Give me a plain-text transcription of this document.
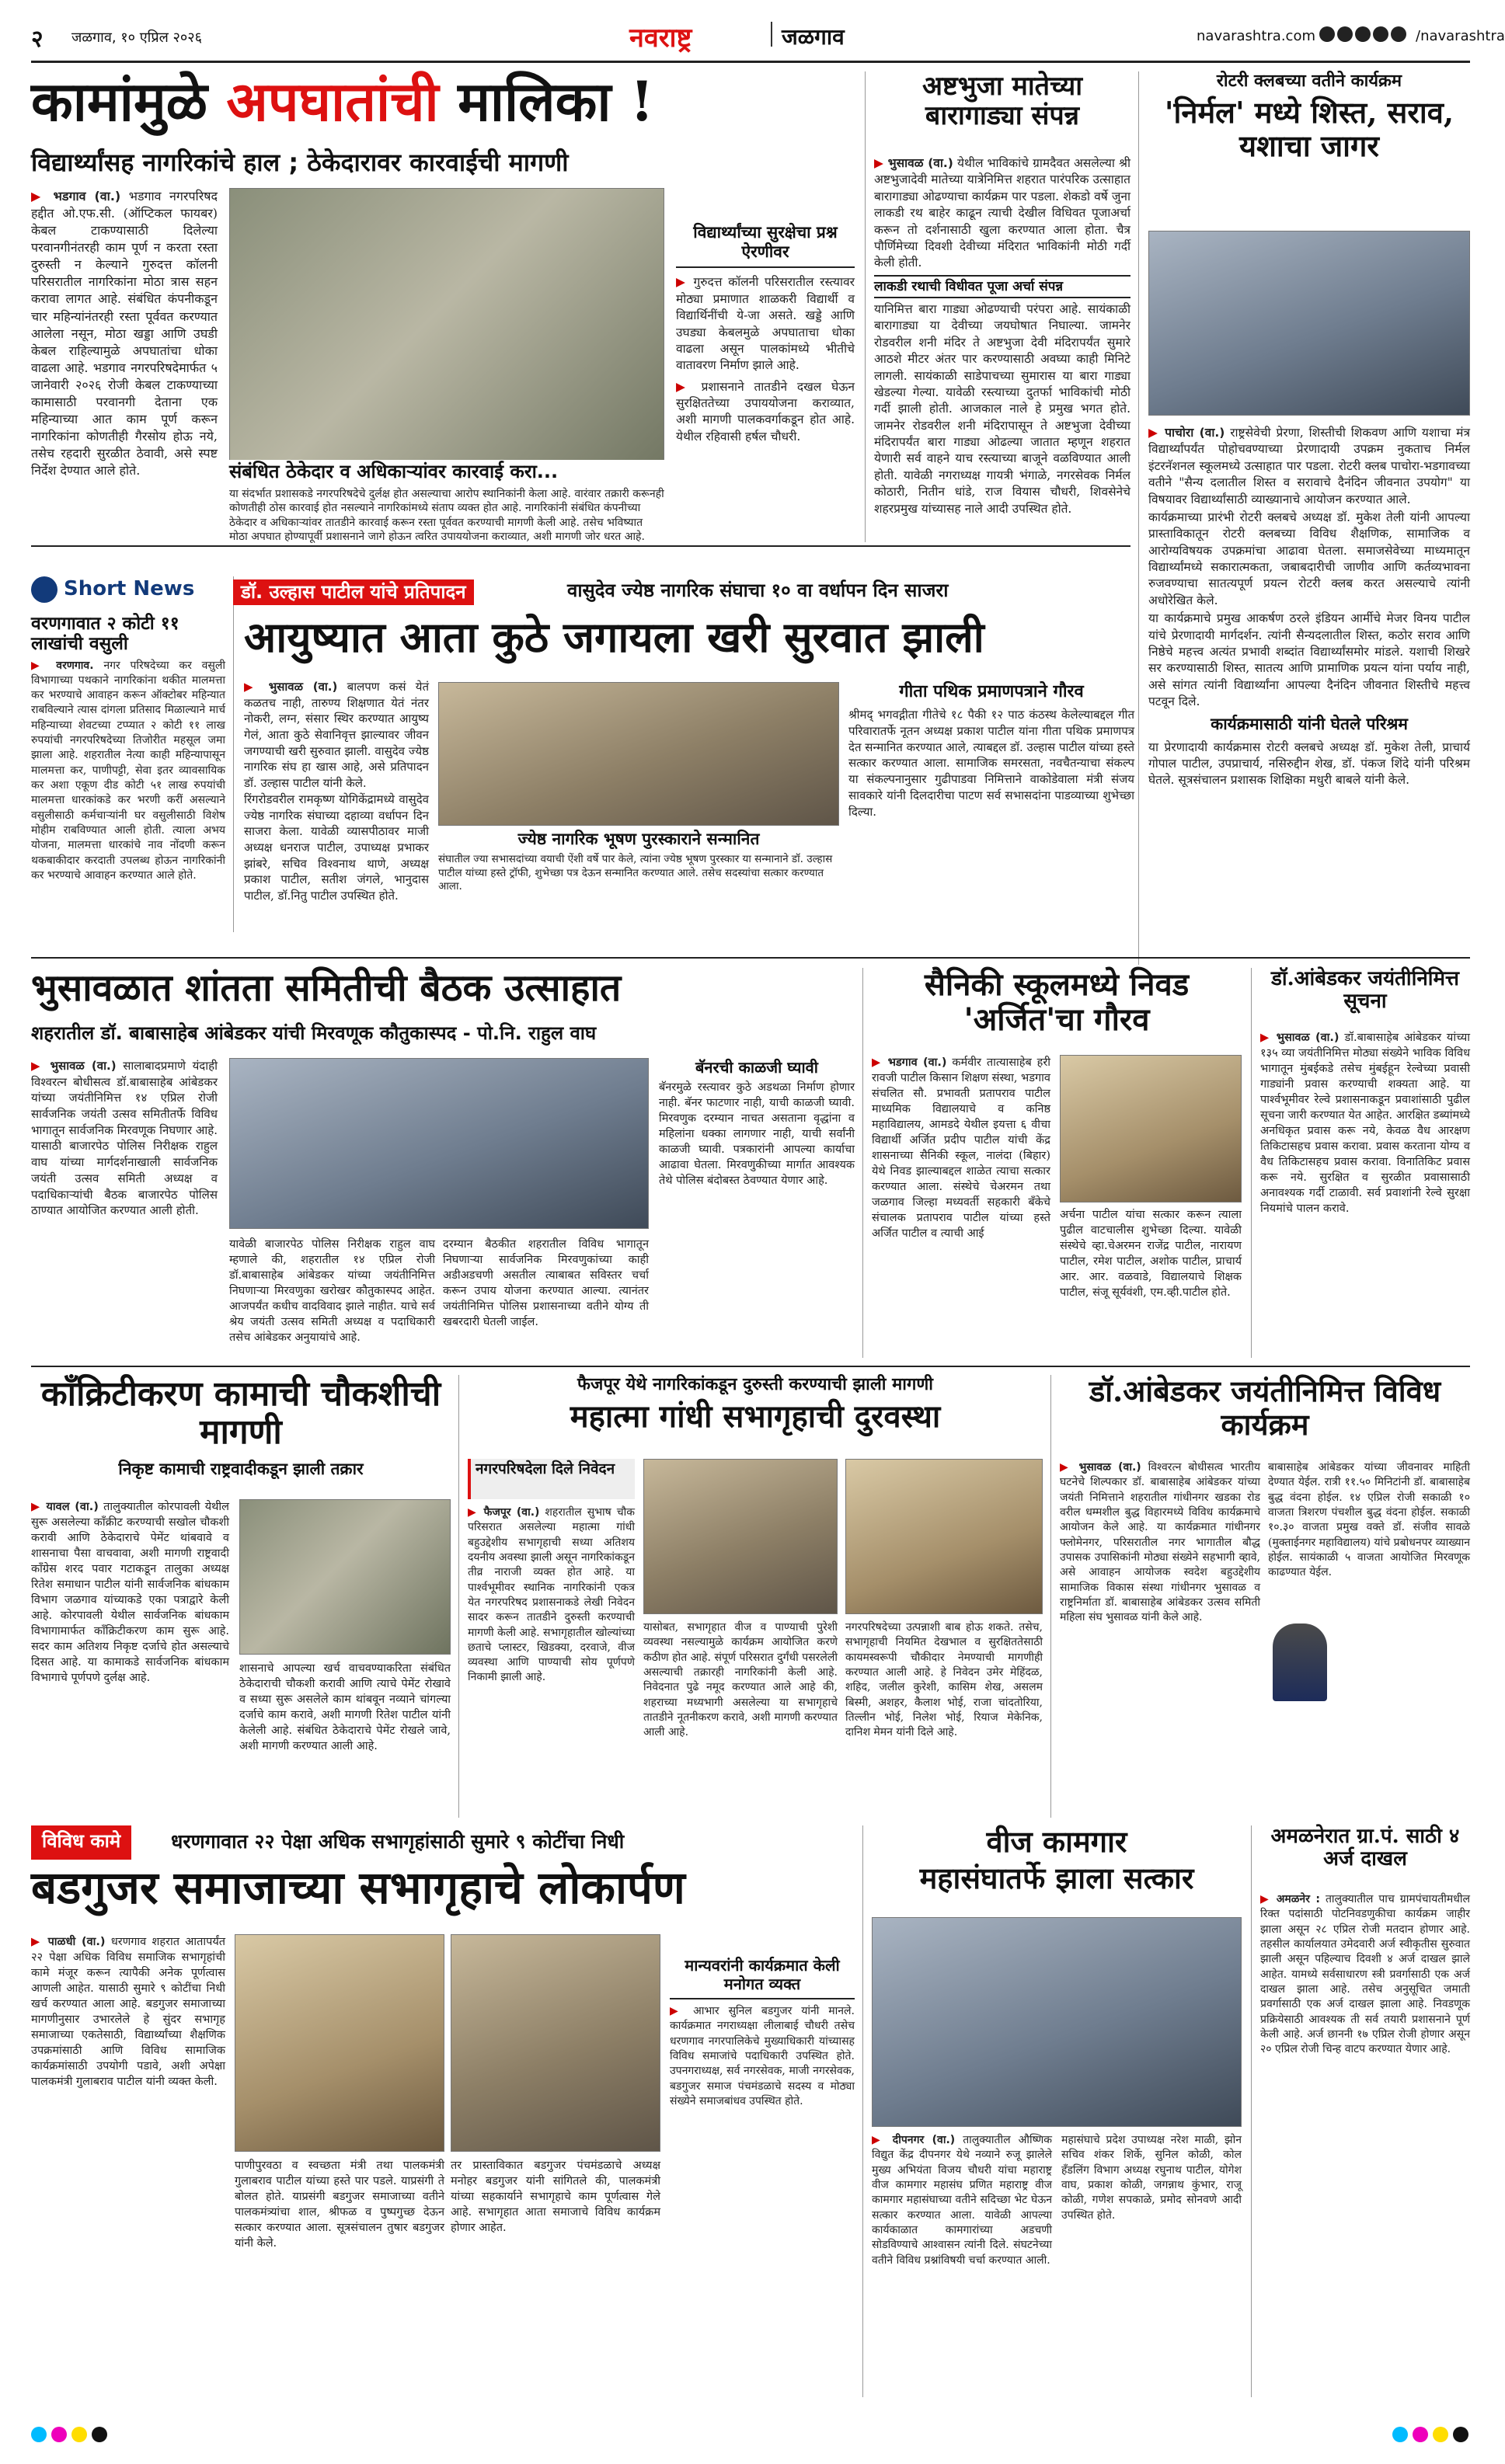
२ जळगाव, १० एप्रिल २०२६	नवराष्ट्र	जळगाव	navarashtra.com	/navarashtra
कामांमुळे अपघातांची मालिका !
विद्यार्थ्यांसह नागरिकांचे हाल ; ठेकेदारावर कारवाईची मागणी
▶ भडगाव (वा.) भडगाव नगरपरिषद हद्दीत ओ.एफ.सी. (ऑप्टिकल फायबर) केबल टाकण्यासाठी दिलेल्या परवानगीनंतरही काम पूर्ण न करता रस्ता दुरुस्ती न केल्याने गुरुदत्त कॉलनी परिसरातील नागरिकांना मोठा त्रास सहन करावा लागत आहे. संबंधित कंपनीकडून चार महिन्यांनंतरही रस्ता पूर्ववत करण्यात आलेला नसून, मोठा खड्डा आणि उघडी केबल राहिल्यामुळे अपघातांचा धोका वाढला आहे. भडगाव नगरपरिषदेमार्फत ५ जानेवारी २०२६ रोजी केबल टाकण्याच्या कामासाठी परवानगी देताना एक महिन्याच्या आत काम पूर्ण करून नागरिकांना कोणतीही गैरसोय होऊ नये, तसेच रहदारी सुरळीत ठेवावी, असे स्पष्ट निर्देश देण्यात आले होते.	संबंधित ठेकेदार व अधिकाऱ्यांवर कारवाई करा...
या संदर्भात प्रशासकडे नगरपरिषदेचे दुर्लक्ष होत असल्याचा आरोप स्थानिकांनी केला आहे. वारंवार तक्रारी करूनही कोणतीही ठोस कारवाई होत नसल्याने नागरिकांमध्ये संताप व्यक्त होत आहे. नागरिकांनी संबंधित कंपनीच्या ठेकेदार व अधिकाऱ्यांवर तातडीने कारवाई करून रस्ता पूर्ववत करण्याची मागणी केली आहे. तसेच भविष्यात मोठा अपघात होण्यापूर्वी प्रशासनाने जागे होऊन त्वरित उपाययोजना कराव्यात, अशी मागणी जोर धरत आहे.
विद्यार्थ्यांच्या सुरक्षेचा प्रश्न ऐरणीवर
▶ गुरुदत्त कॉलनी परिसरातील रस्त्यावर मोठ्या प्रमाणात शाळकरी विद्यार्थी व विद्यार्थिनींची ये-जा असते. खड्डे आणि उघड्या केबलमुळे अपघाताचा धोका वाढला असून पालकांमध्ये भीतीचे वातावरण निर्माण झाले आहे.
▶ प्रशासनाने तातडीने दखल घेऊन सुरक्षिततेच्या उपाययोजना कराव्यात, अशी मागणी पालकवर्गाकडून होत आहे. येथील रहिवासी हर्षल चौधरी.
अष्टभुजा मातेच्या बारागाड्या संपन्न
▶ भुसावळ (वा.) येथील भाविकांचे ग्रामदैवत असलेल्या श्री अष्टभुजादेवी मातेच्या यात्रेनिमित्त शहरात पारंपरिक उत्साहात बारागाड्या ओढण्याचा कार्यक्रम पार पडला. शेकडो वर्षे जुना लाकडी रथ बाहेर काढून त्याची देखील विधिवत पूजाअर्चा करून तो दर्शनासाठी खुला करण्यात आला होता. चैत्र पौर्णिमेच्या दिवशी देवीच्या मंदिरात भाविकांनी मोठी गर्दी केली होती.
लाकडी रथाची विधीवत पूजा अर्चा संपन्न
यानिमित्त बारा गाड्या ओढण्याची परंपरा आहे. सायंकाळी बारागाड्या या देवीच्या जयघोषात निघाल्या. जामनेर रोडवरील शनी मंदिर ते अष्टभुजा देवी मंदिरापर्यंत सुमारे आठशे मीटर अंतर पार करण्यासाठी अवघ्या काही मिनिटे लागली. सायंकाळी साडेपाचच्या सुमारास या बारा गाड्या खेडल्या गेल्या. यावेळी रस्त्याच्या दुतर्फा भाविकांची मोठी गर्दी झाली होती. आजकाल नाले हे प्रमुख भगत होते. जामनेर रोडवरील शनी मंदिरापासून ते अष्टभुजा देवीच्या मंदिरापर्यंत बारा गाड्या ओढल्या जातात म्हणून शहरात येणारी सर्व वाहने याच रस्त्याच्या बाजूने वळविण्यात आली होती. यावेळी नगराध्यक्ष गायत्री भंगाळे, नगरसेवक निर्मल कोठारी, नितीन धांडे, राज वियास चौधरी, शिवसेनेचे शहरप्रमुख यांच्यासह नाले आदी उपस्थित होते.
रोटरी क्लबच्या वतीने कार्यक्रम
'निर्मल' मध्ये शिस्त, सराव, यशाचा जागर
▶ पाचोरा (वा.) राष्ट्रसेवेची प्रेरणा, शिस्तीची शिकवण आणि यशाचा मंत्र विद्यार्थ्यांपर्यंत पोहोचवण्याच्या प्रेरणादायी उपक्रम नुकताच निर्मल इंटरनॅशनल स्कूलमध्ये उत्साहात पार पडला. रोटरी क्लब पाचोरा-भडगावच्या वतीने "सैन्य दलातील शिस्त व सरावाचे दैनंदिन जीवनात उपयोग" या विषयावर विद्यार्थ्यांसाठी व्याख्यानाचे आयोजन करण्यात आले.

कार्यक्रमाच्या प्रारंभी रोटरी क्लबचे अध्यक्ष डॉ. मुकेश तेली यांनी आपल्या प्रास्ताविकातून रोटरी क्लबच्या विविध शैक्षणिक, सामाजिक व आरोग्यविषयक उपक्रमांचा आढावा घेतला. समाजसेवेच्या माध्यमातून विद्यार्थ्यांमध्ये सकारात्मकता, जबाबदारीची जाणीव आणि कर्तव्यभावना रुजवण्याचा सातत्यपूर्ण प्रयत्न रोटरी क्लब करत असल्याचे त्यांनी अधोरेखित केले.

या कार्यक्रमाचे प्रमुख आकर्षण ठरले इंडियन आर्मीचे मेजर विनय पाटील यांचे प्रेरणादायी मार्गदर्शन. त्यांनी सैन्यदलातील शिस्त, कठोर सराव आणि निष्ठेचे महत्त्व अत्यंत प्रभावी शब्दांत विद्यार्थ्यांसमोर मांडले. यशाची शिखरे सर करण्यासाठी शिस्त, सातत्य आणि प्रामाणिक प्रयत्न यांना पर्याय नाही, असे सांगत त्यांनी विद्यार्थ्यांना आपल्या दैनंदिन जीवनात शिस्तीचे महत्त्व पटवून दिले.

कार्यक्रमासाठी यांनी घेतले परिश्रम

या प्रेरणादायी कार्यक्रमास रोटरी क्लबचे अध्यक्ष डॉ. मुकेश तेली, प्राचार्य गोपाल पाटील, उपप्राचार्य, नसिरुद्दीन शेख, डॉ. पंकज शिंदे यांनी परिश्रम घेतले. सूत्रसंचालन प्रशासक शिक्षिका मधुरी बाबले यांनी केले.

Short News
वरणगावात २ कोटी ११ लाखांची वसुली
▶ वरणगाव. नगर परिषदेच्या कर वसुली विभागाच्या पथकाने नागरिकांना थकीत मालमत्ता कर भरण्याचे आवाहन करून ऑक्टोबर महिन्यात राबविल्याने त्यास दांगला प्रतिसाद मिळाल्याने मार्च महिन्याच्या शेवटच्या टप्प्यात २ कोटी ११ लाख रुपयांची नगरपरिषदेच्या तिजोरीत महसूल जमा झाला आहे. शहरातील नेत्या काही महिन्यापासून मालमत्ता कर, पाणीपट्टी, सेवा इतर व्यावसायिक कर अशा एकूण दीड कोटी ५१ लाख रुपयांची मालमत्ता धारकांकडे कर भरणी करीं असल्याने वसुलीसाठी कर्मचाऱ्यांनी घर वसुलीसाठी विशेष मोहीम राबविण्यात आली होती. त्याला अभय योजना, मालमत्ता धारकांचे नाव नोंदणी करून थकबाकीदार करदाती उपलब्ध होऊन नागरिकांनी कर भरण्याचे आवाहन करण्यात आले होते.
डॉ. उल्हास पाटील यांचे प्रतिपादन	वासुदेव ज्येष्ठ नागरिक संघाचा १० वा वर्धापन दिन साजरा
आयुष्यात आता कुठे जगायला खरी सुरवात झाली
▶ भुसावळ (वा.) बालपण कसं येतं कळतच नाही, तारुण्य शिक्षणात येतं नंतर नोकरी, लग्न, संसार स्थिर करण्यात आयुष्य गेलं, आता कुठे सेवानिवृत्त झाल्यावर जीवन जगण्याची खरी सुरुवात झाली. वासुदेव ज्येष्ठ नागरिक संघ हा खास आहे, असे प्रतिपादन डॉ. उल्हास पाटील यांनी केले.

रिंगरोडवरील रामकृष्ण योगिकेंद्रामध्ये वासुदेव ज्येष्ठ नागरिक संघाच्या दहाव्या वर्धापन दिन साजरा केला. यावेळी व्यासपीठावर माजी अध्यक्ष धनराज पाटील, उपाध्यक्ष प्रभाकर झांबरे, सचिव विश्वनाथ थाणे, अध्यक्ष प्रकाश पाटील, सतीश जंगले, भानुदास पाटील, डॉ.नितु पाटील उपस्थित होते.

ज्येष्ठ नागरिक भूषण पुरस्काराने सन्मानित
संघातील ज्या सभासदांच्या वयाची ऐंशी वर्षे पार केले, त्यांना ज्येष्ठ भूषण पुरस्कार या सन्मानाने डॉ. उल्हास पाटील यांच्या हस्ते ट्रॉफी, शुभेच्छा पत्र देऊन सन्मानित करण्यात आले. तसेच सदस्यांचा सत्कार करण्यात आला.
गीता पथिक प्रमाणपत्राने गौरव
श्रीमद् भगवद्गीता गीतेचे १८ पैकी १२ पाठ कंठस्थ केलेल्याबद्दल गीत परिवारातर्फे नूतन अध्यक्ष प्रकाश पाटील यांना गीता पथिक प्रमाणपत्र देत सन्मानित करण्यात आले, त्याबद्दल डॉ. उल्हास पाटील यांच्या हस्ते सत्कार करण्यात आला. सामाजिक समरसता, नवचैतन्याचा संकल्प या संकल्पनानुसार गुढीपाडवा निमित्ताने वाकोडेवाला मंत्री संजय सावकारे यांनी दिलदारीचा पाटण सर्व सभासदांना पाडव्याच्या शुभेच्छा दिल्या.
भुसावळात शांतता समितीची बैठक उत्साहात
शहरातील डॉ. बाबासाहेब आंबेडकर यांची मिरवणूक कौतुकास्पद - पो.नि. राहुल वाघ
▶ भुसावळ (वा.) सालाबादप्रमाणे यंदाही विश्वरत्न बोधीसत्व डॉ.बाबासाहेब आंबेडकर यांच्या जयंतीनिमित्त १४ एप्रिल रोजी सार्वजनिक जयंती उत्सव समितीतर्फे विविध भागातून सार्वजनिक मिरवणूक निघणार आहे. यासाठी बाजारपेठ पोलिस निरीक्षक राहुल वाघ यांच्या मार्गदर्शनाखाली सार्वजनिक जयंती उत्सव समिती अध्यक्ष व पदाधिकाऱ्यांची बैठक बाजारपेठ पोलिस ठाण्यात आयोजित करण्यात आली होती.
यावेळी बाजारपेठ पोलिस निरीक्षक राहुल वाघ म्हणाले की, शहरातील १४ एप्रिल रोजी डॉ.बाबासाहेब आंबेडकर यांच्या जयंतीनिमित्त निघणाऱ्या मिरवणुका खरोखर कौतुकास्पद आहेत. आजपर्यंत कधीच वादविवाद झाले नाहीत. याचे सर्व श्रेय जयंती उत्सव समिती अध्यक्ष व पदाधिकारी तसेच आंबेडकर अनुयायांचे आहे.
दरम्यान बैठकीत शहरातील विविध भागातून निघणाऱ्या सार्वजनिक मिरवणुकांच्या काही अडीअडचणी असतील त्याबाबत सविस्तर चर्चा करून उपाय योजना करण्यात आल्या. त्यानंतर जयंतीनिमित्त पोलिस प्रशासनाच्या वतीने योग्य ती खबरदारी घेतली जाईल.
बॅनरची काळजी घ्यावी
बॅनरमुळे रस्त्यावर कुठे अडथळा निर्माण होणार नाही. बॅनर फाटणार नाही, याची काळजी घ्यावी. मिरवणुक दरम्यान नाचत असताना वृद्धांना व महिलांना धक्का लागणार नाही, याची सर्वांनी काळजी घ्यावी. पत्रकारांनी आपल्या कार्याचा आढावा घेतला. मिरवणुकीच्या मार्गात आवश्यक तेथे पोलिस बंदोबस्त ठेवण्यात येणार आहे.
सैनिकी स्कूलमध्ये निवड 'अर्जित'चा गौरव
▶ भडगाव (वा.) कर्मवीर तात्यासाहेब हरी रावजी पाटील किसान शिक्षण संस्था, भडगाव संचलित सौ. प्रभावती प्रतापराव पाटील माध्यमिक विद्यालयाचे व कनिष्ठ महाविद्यालय, आमडदे येथील इयत्ता ६ वीचा विद्यार्थी अर्जित प्रदीप पाटील यांची केंद्र शासनाच्या सैनिकी स्कूल, नालंदा (बिहार) येथे निवड झाल्याबद्दल शाळेत त्याचा सत्कार करण्यात आला. संस्थेचे चेअरमन तथा जळगाव जिल्हा मध्यवर्ती सहकारी बँकेचे संचालक प्रतापराव पाटील यांच्या हस्ते अर्जित पाटील व त्याची आई
अर्चना पाटील यांचा सत्कार करून त्याला पुढील वाटचालीस शुभेच्छा दिल्या. यावेळी संस्थेचे व्हा.चेअरमन राजेंद्र पाटील, नारायण पाटील, रमेश पाटील, अशोक पाटील, प्राचार्य आर. आर. वळवाडे, विद्यालयाचे शिक्षक पाटील, संजू सूर्यवंशी, एम.व्ही.पाटील होते.
डॉ.आंबेडकर जयंतीनिमित्त सूचना
▶ भुसावळ (वा.) डॉ.बाबासाहेब आंबेडकर यांच्या १३५ व्या जयंतीनिमित्त मोठ्या संख्येने भाविक विविध भागातून मुंबईकडे तसेच मुंबईहून रेल्वेच्या प्रवासी गाड्यांनी प्रवास करण्याची शक्यता आहे. या पार्श्वभूमीवर रेल्वे प्रशासनाकडून प्रवाशांसाठी पुढील सूचना जारी करण्यात येत आहेत. आरक्षित डब्यांमध्ये अनधिकृत प्रवास करू नये, केवळ वैध आरक्षण तिकिटासहच प्रवास करावा. प्रवास करताना योग्य व वैध तिकिटासहच प्रवास करावा. विनातिकिट प्रवास करू नये. सुरक्षित व सुरळीत प्रवासासाठी अनावश्यक गर्दी टाळावी. सर्व प्रवाशांनी रेल्वे सुरक्षा नियमांचे पालन करावे.
कॉंक्रिटीकरण कामाची चौकशीची मागणी
निकृष्ट कामाची राष्ट्रवादीकडून झाली तक्रार
▶ यावल (वा.) तालुक्यातील कोरपावली येथील सुरू असलेल्या कॉंक्रीट करण्याची सखोल चौकशी करावी आणि ठेकेदाराचे पेमेंट थांबवावे व शासनाचा पैसा वाचवावा, अशी मागणी राष्ट्रवादी काँग्रेस शरद पवार गटाकडून तालुका अध्यक्ष रितेश समाधान पाटील यांनी सार्वजनिक बांधकाम विभाग जळगाव यांच्याकडे एका पत्राद्वारे केली आहे. कोरपावली येथील सार्वजनिक बांधकाम विभागामार्फत कॉंक्रिटीकरण काम सुरू आहे. सदर काम अतिशय निकृष्ट दर्जाचे होत असल्याचे दिसत आहे. या कामाकडे सार्वजनिक बांधकाम विभागाचे पूर्णपणे दुर्लक्ष आहे.
शासनाचे आपल्या खर्च वाचवण्याकरिता संबंधित ठेकेदाराची चौकशी करावी आणि त्याचे पेमेंट रोखावे व सध्या सुरू असलेले काम थांबवून नव्याने चांगल्या दर्जाचे काम करावे, अशी मागणी रितेश पाटील यांनी केलेली आहे. संबंधित ठेकेदाराचे पेमेंट रोखले जावे, अशी मागणी करण्यात आली आहे.
फैजपूर येथे नागरिकांकडून दुरुस्ती करण्याची झाली मागणी
महात्मा गांधी सभागृहाची दुरवस्था
नगरपरिषदेला दिले निवेदन
▶ फैजपूर (वा.) शहरातील सुभाष चौक परिसरात असलेल्या महात्मा गांधी बहुउद्देशीय सभागृहाची सध्या अतिशय दयनीय अवस्था झाली असून नागरिकांकडून तीव्र नाराजी व्यक्त होत आहे. या पार्श्वभूमीवर स्थानिक नागरिकांनी एकत्र येत नगरपरिषद प्रशासनाकडे लेखी निवेदन सादर करून तातडीने दुरुस्ती करण्याची मागणी केली आहे. सभागृहातील खोल्यांच्या छताचे प्लास्टर, खिडक्या, दरवाजे, वीज व्यवस्था आणि पाण्याची सोय पूर्णपणे निकामी झाली आहे.
यासोबत, सभागृहात वीज व पाण्याची पुरेशी व्यवस्था नसल्यामुळे कार्यक्रम आयोजित करणे कठीण होत आहे. संपूर्ण परिसरात दुर्गंधी पसरलेली असल्याची तक्रारही नागरिकांनी केली आहे. निवेदनात पुढे नमूद करण्यात आले आहे की, शहराच्या मध्यभागी असलेल्या या सभागृहाचे तातडीने नूतनीकरण करावे, अशी मागणी करण्यात आली आहे.
नगरपरिषदेच्या उत्पन्नाशी बाब होऊ शकते. तसेच, सभागृहाची नियमित देखभाल व सुरक्षिततेसाठी कायमस्वरूपी चौकीदार नेमण्याची मागणीही करण्यात आली आहे. हे निवेदन उमेर मेहिंदळ, शहिद, जलील कुरेशी, कासिम शेख, असलम बिस्मी, अशहर, कैलाश भोई, राजा चांदतोरिया, तिल्लीन भोई, निलेश भोई, रियाज मेकेनिक, दानिश मेमन यांनी दिले आहे.
डॉ.आंबेडकर जयंतीनिमित्त विविध कार्यक्रम
▶ भुसावळ (वा.) विश्वरत्न बोधीसत्व भारतीय घटनेचे शिल्पकार डॉ. बाबासाहेब आंबेडकर यांच्या जयंती निमित्ताने शहरातील गांधीनगर खडका रोड वरील धम्मशील बुद्ध विहारमध्ये विविध कार्यक्रमाचे आयोजन केले आहे. या कार्यक्रमात गांधीनगर फ्लोमेनगर, परिसरातील नगर भागातील बौद्ध उपासक उपासिकांनी मोठ्या संख्येने सहभागी व्हावे, असे आवाहन आयोजक स्वदेश बहुउद्देशीय सामाजिक विकास संस्था गांधीनगर भुसावळ व राष्ट्रनिर्माता डॉ. बाबासाहेब आंबेडकर उत्सव समिती महिला संघ भुसावळ यांनी केले आहे.
बाबासाहेब आंबेडकर यांच्या जीवनावर माहिती देण्यात येईल. रात्री ११.५० मिनिटांनी डॉ. बाबासाहेब बुद्ध वंदना होईल. १४ एप्रिल रोजी सकाळी १० वाजता त्रिशरण पंचशील बुद्ध वंदना होईल. सकाळी १०.३० वाजता प्रमुख वक्ते डॉ. संजीव सावळे (मुक्ताईनगर महाविद्यालय) यांचे प्रबोधनपर व्याख्यान होईल. सायंकाळी ५ वाजता आयोजित मिरवणूक काढण्यात येईल.
विविध कामे	धरणगावात २२ पेक्षा अधिक सभागृहांसाठी सुमारे ९ कोटींचा निधी
बडगुजर समाजाच्या सभागृहाचे लोकार्पण
▶ पाळधी (वा.) धरणगाव शहरात आतापर्यंत २२ पेक्षा अधिक विविध समाजिक सभागृहांची कामे मंजूर करून त्यापैकी अनेक पूर्णत्वास आणली आहेत. यासाठी सुमारे ९ कोटींचा निधी खर्च करण्यात आला आहे. बडगुजर समाजाच्या मागणीनुसार उभारलेले हे सुंदर सभागृह समाजाच्या एकतेसाठी, विद्यार्थ्यांच्या शैक्षणिक उपक्रमांसाठी आणि विविध सामाजिक कार्यक्रमांसाठी उपयोगी पडावे, अशी अपेक्षा पालकमंत्री गुलाबराव पाटील यांनी व्यक्त केली.
पाणीपुरवठा व स्वच्छता मंत्री तथा पालकमंत्री गुलाबराव पाटील यांच्या हस्ते पार पडले. याप्रसंगी ते बोलत होते. याप्रसंगी बडगुजर समाजाच्या वतीने पालकमंत्र्यांचा शाल, श्रीफळ व पुष्पगुच्छ देऊन सत्कार करण्यात आला. सूत्रसंचालन तुषार बडगुजर यांनी केले.
तर प्रास्ताविकात बडगुजर पंचमंडळाचे अध्यक्ष मनोहर बडगुजर यांनी सांगितले की, पालकमंत्री यांच्या सहकार्याने सभागृहाचे काम पूर्णत्वास गेले आहे. सभागृहात आता समाजाचे विविध कार्यक्रम होणार आहेत.
मान्यवरांनी कार्यक्रमात केली मनोगत व्यक्त
▶ आभार सुनिल बडगुजर यांनी मानले. कार्यक्रमात नगराध्यक्षा लीलाबाई चौधरी तसेच धरणगाव नगरपालिकेचे मुख्याधिकारी यांच्यासह विविध समाजांचे पदाधिकारी उपस्थित होते. उपनगराध्यक्ष, सर्व नगरसेवक, माजी नगरसेवक, बडगुजर समाज पंचमंडळाचे सदस्य व मोठ्या संख्येने समाजबांधव उपस्थित होते.
वीज कामगार
महासंघातर्फे झाला सत्कार
▶ दीपनगर (वा.) तालुक्यातील औष्णिक विद्युत केंद्र दीपनगर येथे नव्याने रुजू झालेले मुख्य अभियंता विजय चौधरी यांचा महाराष्ट्र वीज कामगार महासंघ प्रणित महाराष्ट्र वीज कामगार महासंघाच्या वतीने सदिच्छा भेट घेऊन सत्कार करण्यात आला. यावेळी आपल्या कार्यकाळात कामगारांच्या अडचणी सोडविण्याचे आश्वासन त्यांनी दिले. संघटनेच्या वतीने विविध प्रश्नांविषयी चर्चा करण्यात आली.
महासंघाचे प्रदेश उपाध्यक्ष नरेश माळी, झोन सचिव शंकर शिर्के, सुनिल कोळी, कोल हँडलिंग विभाग अध्यक्ष रघुनाथ पाटील, योगेश वाघ, प्रकाश कोळी, जगन्नाथ कुंभार, राजू कोळी, गणेश सपकाळे, प्रमोद सोनवणे आदी उपस्थित होते.
अमळनेरात ग्रा.पं. साठी ४ अर्ज दाखल
▶ अमळनेर : तालुक्यातील पाच ग्रामपंचायतीमधील रिक्त पदांसाठी पोटनिवडणुकीचा कार्यक्रम जाहीर झाला असून २८ एप्रिल रोजी मतदान होणार आहे. तहसील कार्यालयात उमेदवारी अर्ज स्वीकृतीस सुरुवात झाली असून पहिल्याच दिवशी ४ अर्ज दाखल झाले आहेत. यामध्ये सर्वसाधारण स्त्री प्रवर्गासाठी एक अर्ज दाखल झाला आहे. तसेच अनुसूचित जमाती प्रवर्गासाठी एक अर्ज दाखल झाला आहे. निवडणूक प्रक्रियेसाठी आवश्यक ती सर्व तयारी प्रशासनाने पूर्ण केली आहे. अर्ज छाननी १७ एप्रिल रोजी होणार असून २० एप्रिल रोजी चिन्ह वाटप करण्यात येणार आहे.
